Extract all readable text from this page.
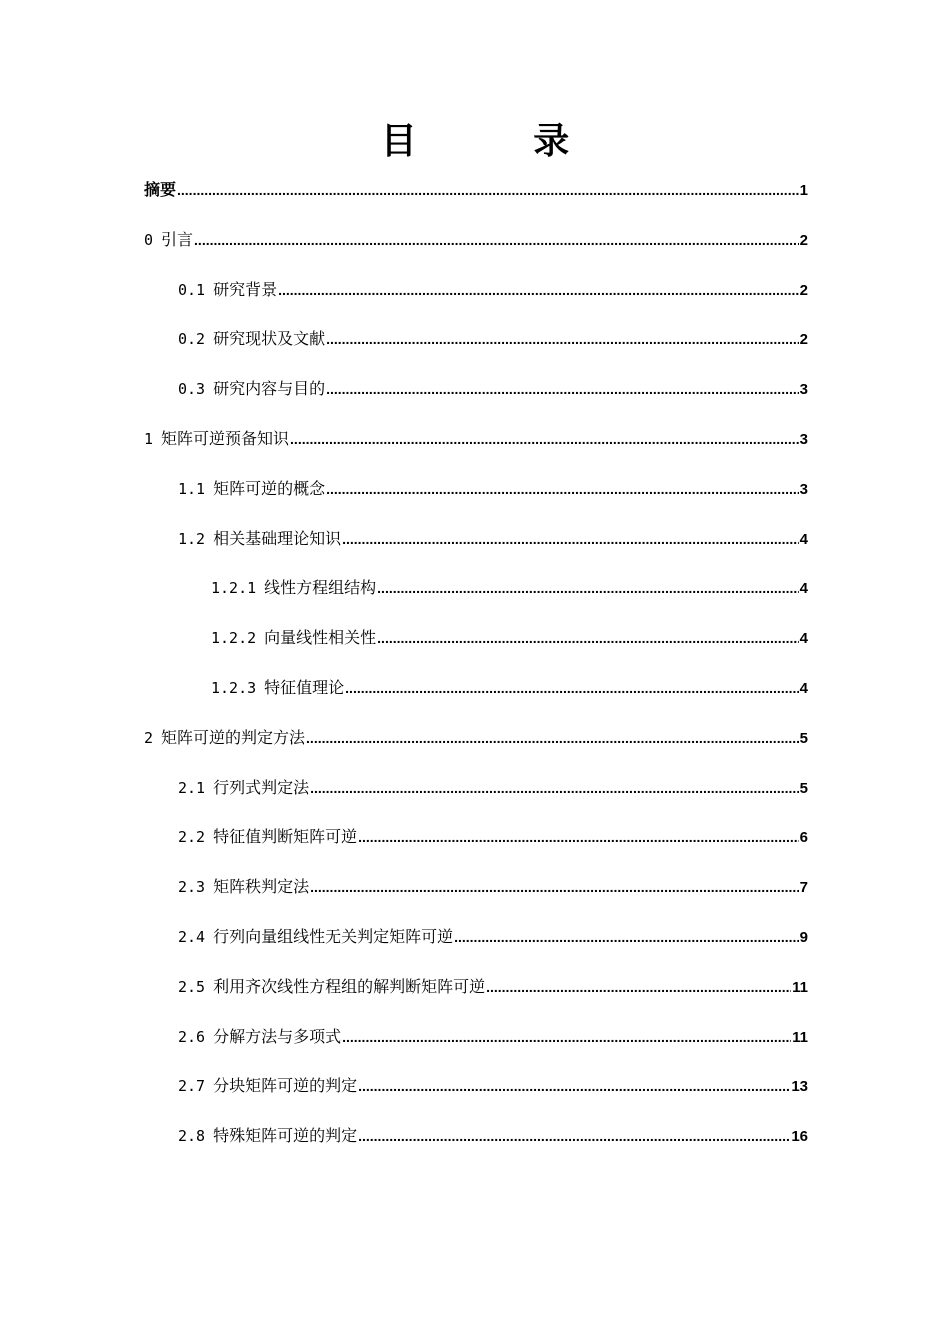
目 录
摘要 .....	1
0 引言 .....	2
0.1 研究背景 .....	2
0.2 研究现状及文献 .....	2
0.3 研究内容与目的 .....	3
1 矩阵可逆预备知识 .....	3
1.1 矩阵可逆的概念 .....	3
1.2 相关基础理论知识 .....	4
1.2.1 线性方程组结构 .....	4
1.2.2 向量线性相关性 .....	4
1.2.3 特征值理论 .....	4
2 矩阵可逆的判定方法 .....	5
2.1 行列式判定法 .....	5
2.2 特征值判断矩阵可逆 .....	6
2.3 矩阵秩判定法 .....	7
2.4 行列向量组线性无关判定矩阵可逆 .....	9
2.5 利用齐次线性方程组的解判断矩阵可逆 .....	11
2.6 分解方法与多项式 .....	11
2.7 分块矩阵可逆的判定 .....	13
2.8 特殊矩阵可逆的判定 .....	16
